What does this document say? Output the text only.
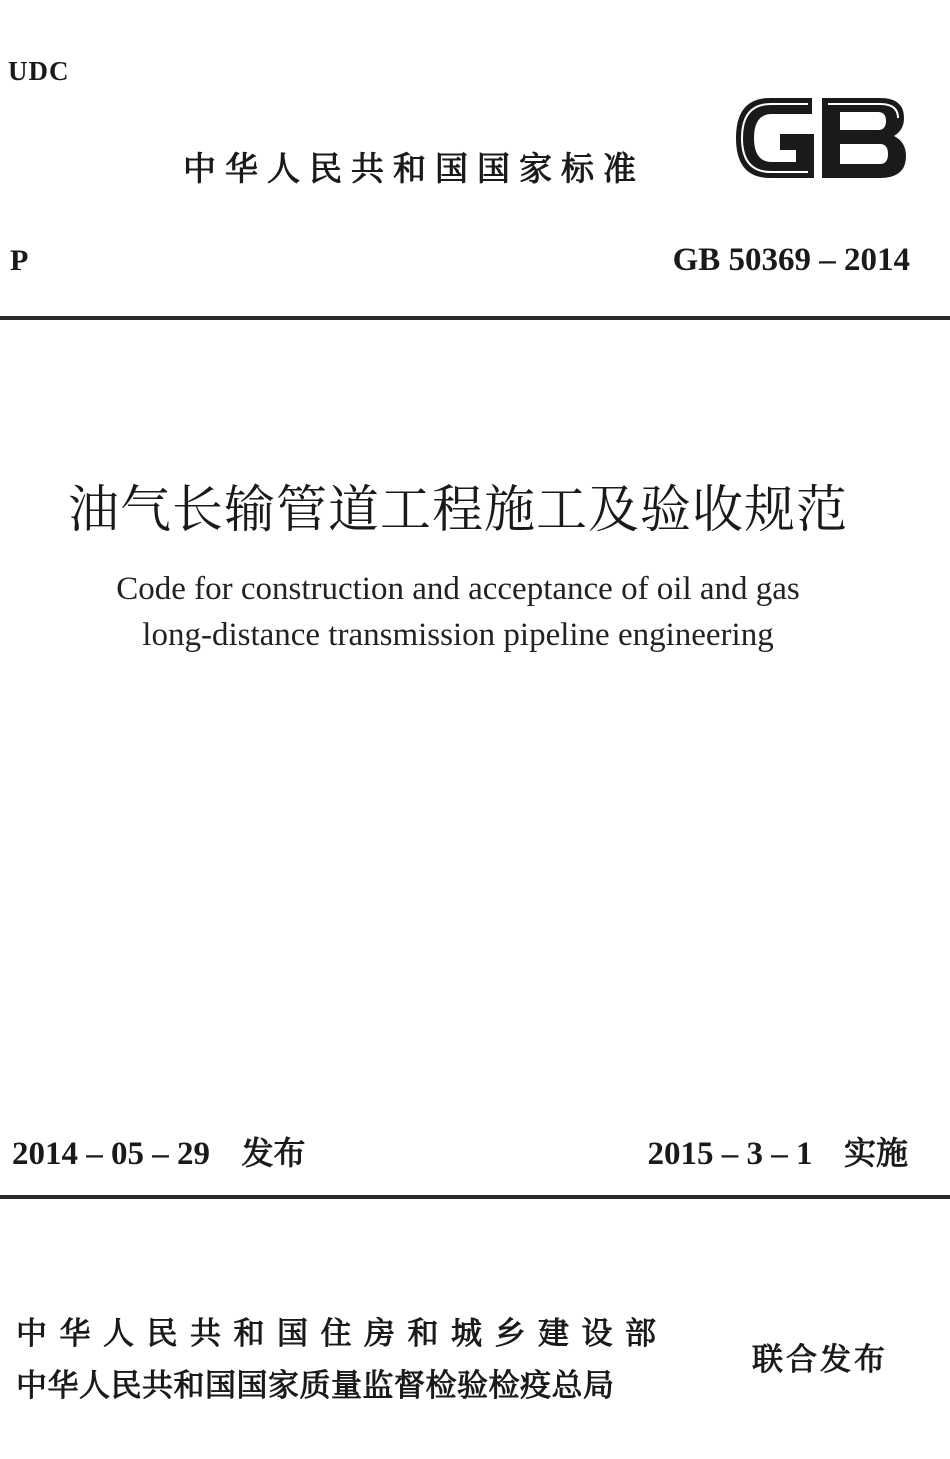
UDC
中华人民共和国国家标准
P	GB 50369 – 2014
油气长输管道工程施工及验收规范
Code for construction and acceptance of oil and gas
long-distance transmission pipeline engineering
2014 – 05 – 29 发布	2015 – 3 – 1 实施
中华人民共和国住房和城乡建设部
中华人民共和国国家质量监督检验检疫总局
联合发布
